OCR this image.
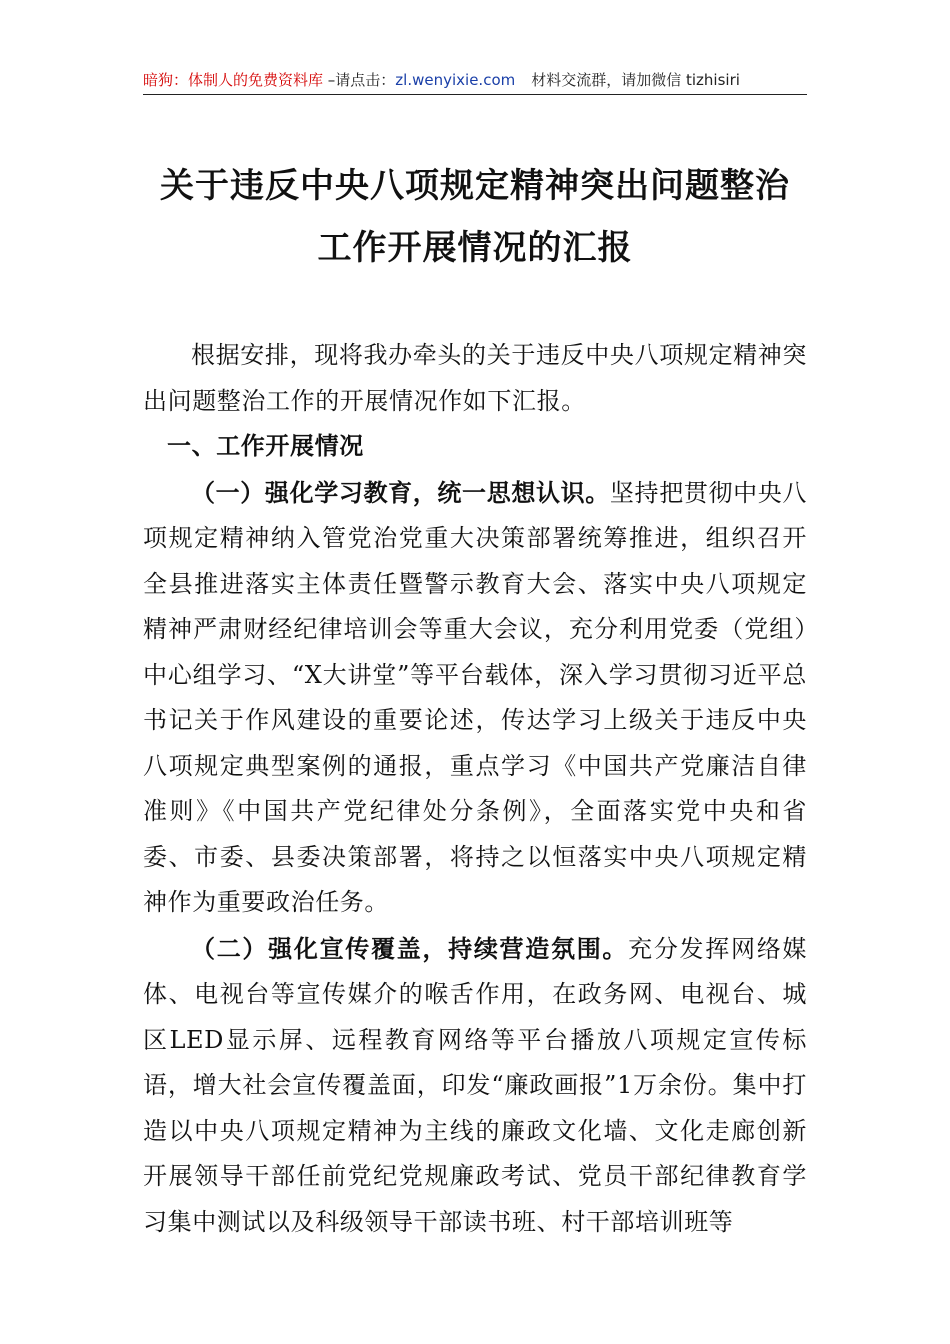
暗狗：体制人的免费资料库 –请点击：zl.wenyixie.com 材料交流群，请加微信 tizhisiri
关于违反中央八项规定精神突出问题整治
工作开展情况的汇报

根据安排，现将我办牵头的关于违反中央八项规定精神突出问题整治工作的开展情况作如下汇报。

一、工作开展情况

（一）强化学习教育，统一思想认识。坚持把贯彻中央八项规定精神纳入管党治党重大决策部署统筹推进，组织召开全县推进落实主体责任暨警示教育大会、落实中央八项规定精神严肃财经纪律培训会等重大会议，充分利用党委（党组）中心组学习、“X大讲堂”等平台载体，深入学习贯彻习近平总书记关于作风建设的重要论述，传达学习上级关于违反中央八项规定典型案例的通报，重点学习《中国共产党廉洁自律准则》《中国共产党纪律处分条例》，全面落实党中央和省委、市委、县委决策部署，将持之以恒落实中央八项规定精神作为重要政治任务。

（二）强化宣传覆盖，持续营造氛围。充分发挥网络媒体、电视台等宣传媒介的喉舌作用，在政务网、电视台、城区LED显示屏、远程教育网络等平台播放八项规定宣传标语，增大社会宣传覆盖面，印发“廉政画报”1万余份。集中打造以中央八项规定精神为主线的廉政文化墙、文化走廊创新开展领导干部任前党纪党规廉政考试、党员干部纪律教育学习集中测试以及科级领导干部读书班、村干部培训班等
